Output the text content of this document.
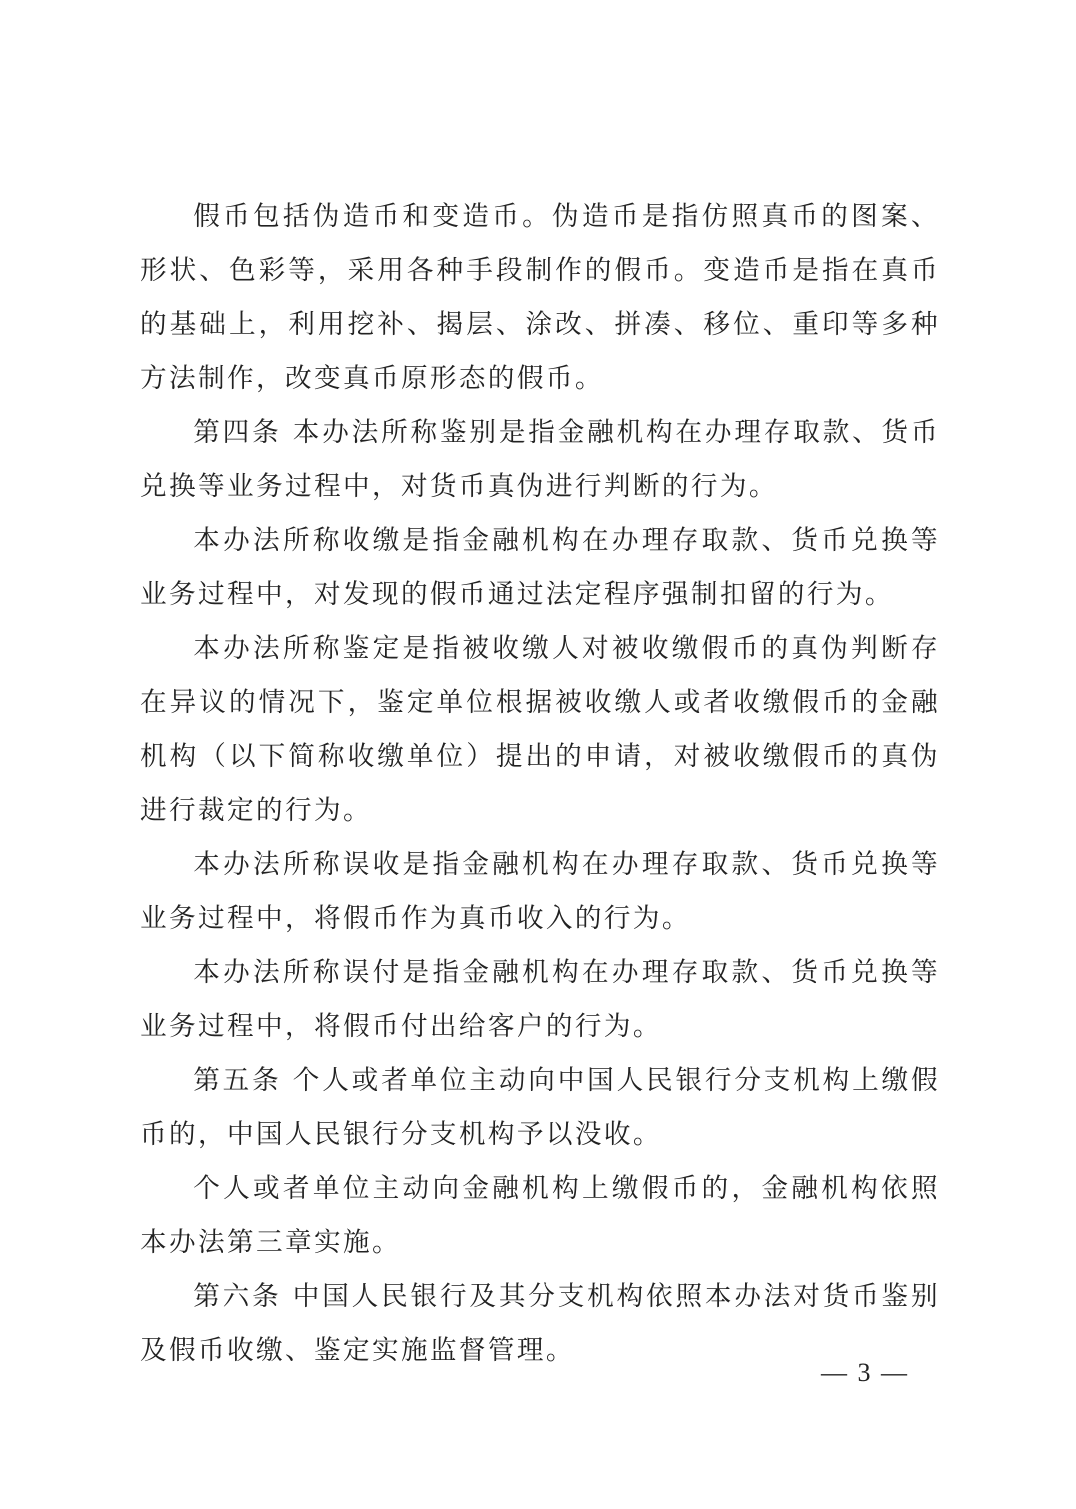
假币包括伪造币和变造币。伪造币是指仿照真币的图案、形状、色彩等，采用各种手段制作的假币。变造币是指在真币的基础上，利用挖补、揭层、涂改、拼凑、移位、重印等多种方法制作，改变真币原形态的假币。

第四条 本办法所称鉴别是指金融机构在办理存取款、货币兑换等业务过程中，对货币真伪进行判断的行为。

本办法所称收缴是指金融机构在办理存取款、货币兑换等业务过程中，对发现的假币通过法定程序强制扣留的行为。

本办法所称鉴定是指被收缴人对被收缴假币的真伪判断存在异议的情况下，鉴定单位根据被收缴人或者收缴假币的金融机构（以下简称收缴单位）提出的申请，对被收缴假币的真伪进行裁定的行为。

本办法所称误收是指金融机构在办理存取款、货币兑换等业务过程中，将假币作为真币收入的行为。

本办法所称误付是指金融机构在办理存取款、货币兑换等业务过程中，将假币付出给客户的行为。

第五条 个人或者单位主动向中国人民银行分支机构上缴假币的，中国人民银行分支机构予以没收。

个人或者单位主动向金融机构上缴假币的，金融机构依照本办法第三章实施。

第六条 中国人民银行及其分支机构依照本办法对货币鉴别及假币收缴、鉴定实施监督管理。

— 3 —
